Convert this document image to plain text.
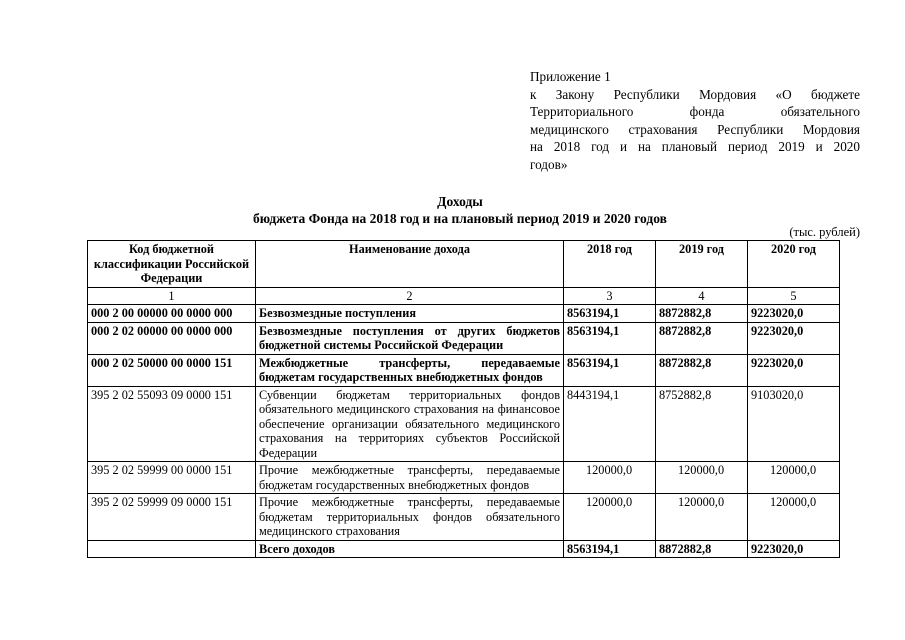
Приложение 1

к Закону Республики Мордовия «О бюджете

Территориального фонда обязательного

медицинского страхования Республики Мордовия

на 2018 год и на плановый период 2019 и 2020

годов»

Доходы
бюджета Фонда на 2018 год и на плановый период 2019 и 2020 годов
(тыс. рублей)
Код бюджетной классификации Российской Федерации	Наименование дохода	2018 год	2019 год	2020 год
1	2	3	4	5
000 2 00 00000 00 0000 000	Безвозмездные поступления	8563194,1	8872882,8	9223020,0
000 2 02 00000 00 0000 000	Безвозмездные поступления от других бюджетов бюджетной системы Российской Федерации	8563194,1	8872882,8	9223020,0
000 2 02 50000 00 0000 151	Межбюджетные трансферты, передаваемые бюджетам государственных внебюджетных фондов	8563194,1	8872882,8	9223020,0
395 2 02 55093 09 0000 151	Субвенции бюджетам территориальных фондов обязательного медицинского страхования на финансовое обеспечение организации обязательного медицинского страхования на территориях субъектов Российской Федерации	8443194,1	8752882,8	9103020,0
395 2 02 59999 00 0000 151	Прочие межбюджетные трансферты, передаваемые бюджетам государственных внебюджетных фондов	120000,0	120000,0	120000,0
395 2 02 59999 09 0000 151	Прочие межбюджетные трансферты, передаваемые бюджетам территориальных фондов обязательного медицинского страхования	120000,0	120000,0	120000,0
	Всего доходов	8563194,1	8872882,8	9223020,0
